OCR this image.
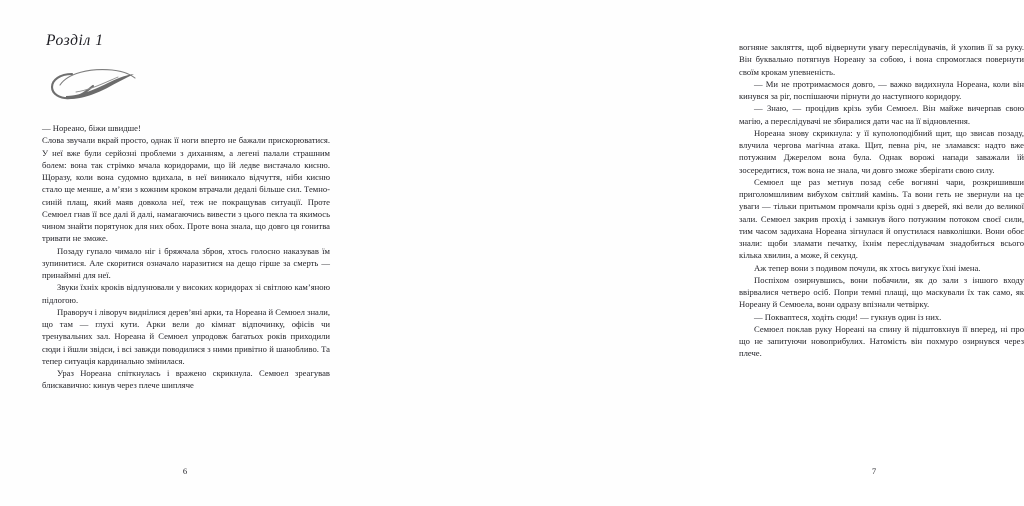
Розділ 1

— Нореано, біжи швидше!

Слова звучали вкрай просто, однак її ноги вперто не бажали прискорюватися. У неї вже були серйозні проблеми з диханням, а легені палали страшним болем: вона так стрімко мчала коридорами, що їй ледве вистачало кисню. Щоразу, коли вона судомно вдихала, в неї виникало відчуття, ніби кисню стало ще менше, а м’язи з кожним кроком втрачали дедалі більше сил. Темно-синій плащ, який маяв довкола неї, теж не покращував ситуації. Проте Семюел гнав її все далі й далі, намагаючись вивести з цього пекла та якимось чином знайти порятунок для них обох. Проте вона знала, що довго ця гонитва тривати не зможе.

Позаду гупало чимало ніг і бряжчала зброя, хтось голосно наказував їм зупинитися. Але скоритися означало наразитися на дещо гірше за смерть — принаймні для неї.

Звуки їхніх кроків відлунювали у високих коридорах зі світлою кам’яною підлогою.

Праворуч і ліворуч виднілися дерев’яні арки, та Нореана й Семюел знали, що там — глухі кути. Арки вели до кімнат відпочинку, офісів чи тренувальних зал. Нореана й Семюел упродовж багатьох років приходили сюди і йшли звідси, і всі завжди поводилися з ними привітно й шанобливо. Та тепер ситуація кардинально змінилася.

Ураз Нореана спіткнулась і вражено скрикнула. Семюел зреагував блискавично: кинув через плече шипляче

6

вогняне закляття, щоб відвернути увагу переслідувачів, й ухопив її за руку. Він буквально потягнув Нореану за собою, і вона спромоглася повернути своїм крокам упевненість.

— Ми не протримаємося довго, — важко видихнула Нореана, коли він кинувся за ріг, поспішаючи пірнути до наступного коридору.

— Знаю, — процідив крізь зуби Семюел. Він майже вичерпав свою магію, а переслідувачі не збиралися дати час на її відновлення.

Нореана знову скрикнула: у її куполоподібний щит, що звисав позаду, влучила чергова магічна атака. Щит, певна річ, не зламався: надто вже потужним Джерелом вона була. Однак ворожі напади заважали їй зосередитися, тож вона не знала, чи довго зможе зберігати свою силу.

Семюел ще раз метнув позад себе вогняні чари, розкришивши приголомшливим вибухом світлий камінь. Та вони геть не звернули на це уваги — тільки притьмом промчали крізь одні з дверей, які вели до великої зали. Семюел закрив прохід і замкнув його потужним потоком своєї сили, тим часом задихана Нореана зігнулася й опустилася навколішки. Вони обоє знали: щоби зламати печатку, їхнім переслідувачам знадобиться всього кілька хвилин, а може, й секунд.

Аж тепер вони з подивом почули, як хтось вигукує їхні імена.

Поспіхом озирнувшись, вони побачили, як до зали з іншого входу ввірвалися четверо осіб. Попри темні плащі, що маскували їх так само, як Нореану й Семюела, вони одразу впізнали четвірку.

— Поквaптеся, ходіть сюди! — гукнув один із них.

Семюел поклав руку Нореані на спину й підштовхнув її вперед, ні про що не запитуючи новоприбулих. Натомість він похмуро озирнувся через плече.

7
